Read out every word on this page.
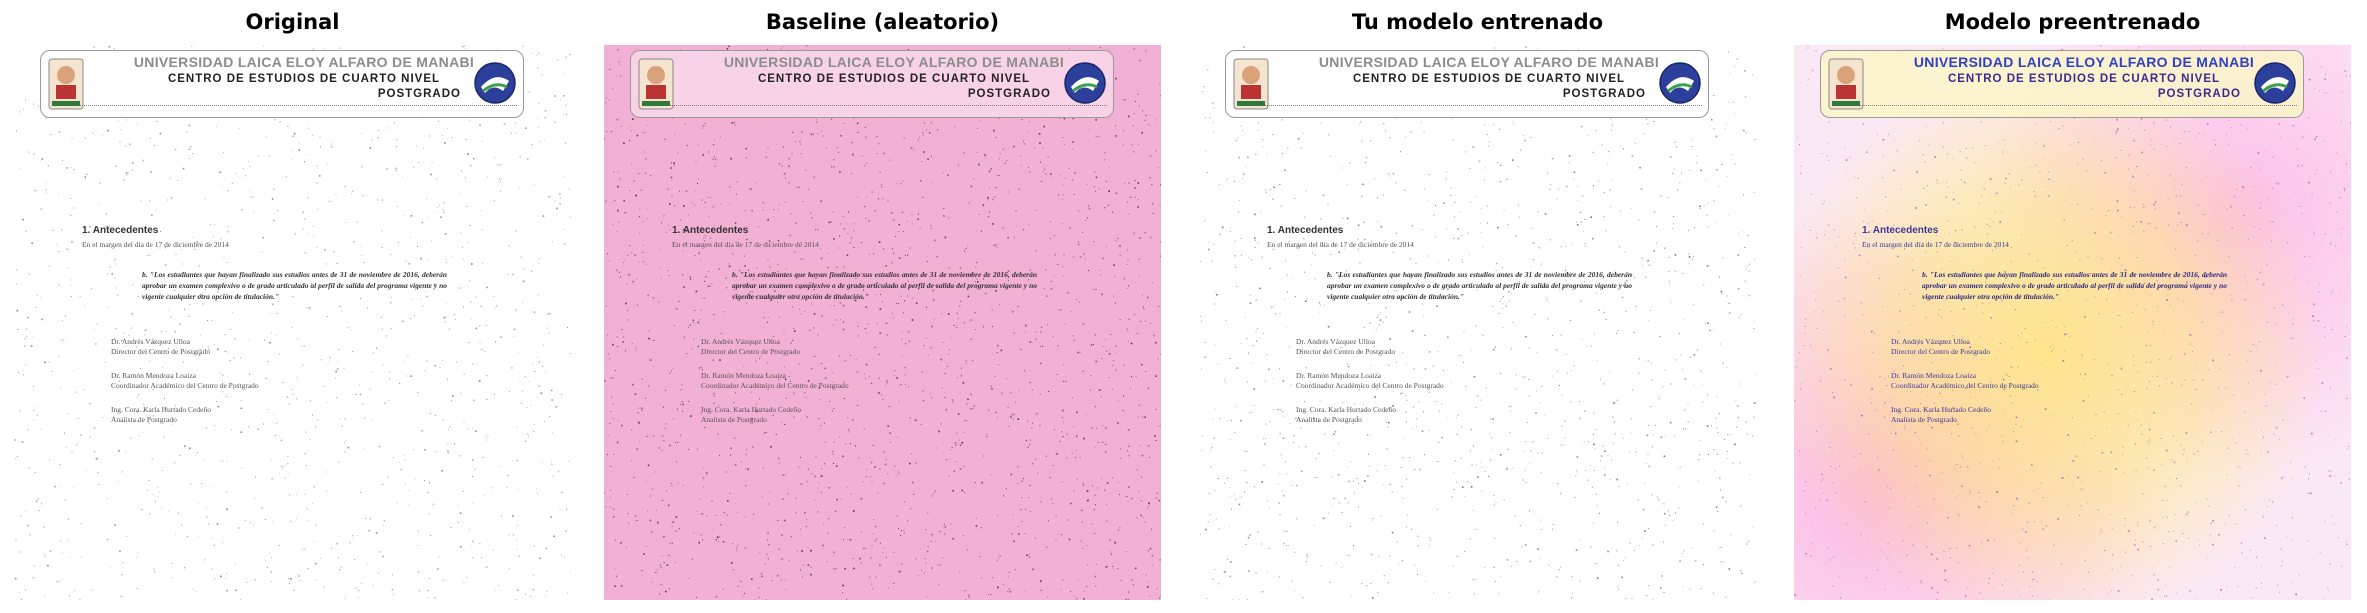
Original
UNIVERSIDAD LAICA ELOY ALFARO DE MANABI
CENTRO DE ESTUDIOS DE CUARTO NIVEL
POSTGRADO
1. Antecedentes
En el margen del día de 17 de diciembre de 2014
b. "Los estudiantes que hayan finalizado sus estudios antes de 31 de noviembre de 2016, deberán aprobar un examen complexivo o de grado articulado al perfil de salida del programa vigente y no vigente cualquier otra opción de titulación."
Dr. Andrés Vázquez Ulloa
Director del Centro de Postgrado
Dr. Ramón Mendoza Loaiza
Coordinador Académico del Centro de Postgrado
Ing. Cora. Karla Hurtado Cedeño
Analista de Postgrado
Baseline (aleatorio)
UNIVERSIDAD LAICA ELOY ALFARO DE MANABI
CENTRO DE ESTUDIOS DE CUARTO NIVEL
POSTGRADO
1. Antecedentes
En el margen del día de 17 de diciembre de 2014
b. "Los estudiantes que hayan finalizado sus estudios antes de 31 de noviembre de 2016, deberán aprobar un examen complexivo o de grado articulado al perfil de salida del programa vigente y no vigente cualquier otra opción de titulación."
Dr. Andrés Vázquez Ulloa
Director del Centro de Postgrado
Dr. Ramón Mendoza Loaiza
Coordinador Académico del Centro de Postgrado
Ing. Cora. Karla Hurtado Cedeño
Analista de Postgrado
Tu modelo entrenado
UNIVERSIDAD LAICA ELOY ALFARO DE MANABI
CENTRO DE ESTUDIOS DE CUARTO NIVEL
POSTGRADO
1. Antecedentes
En el margen del día de 17 de diciembre de 2014
b. "Los estudiantes que hayan finalizado sus estudios antes de 31 de noviembre de 2016, deberán aprobar un examen complexivo o de grado articulado al perfil de salida del programa vigente y no vigente cualquier otra opción de titulación."
Dr. Andrés Vázquez Ulloa
Director del Centro de Postgrado
Dr. Ramón Mendoza Loaiza
Coordinador Académico del Centro de Postgrado
Ing. Cora. Karla Hurtado Cedeño
Analista de Postgrado
Modelo preentrenado
UNIVERSIDAD LAICA ELOY ALFARO DE MANABI
CENTRO DE ESTUDIOS DE CUARTO NIVEL
POSTGRADO
1. Antecedentes
En el margen del día de 17 de diciembre de 2014
b. "Los estudiantes que hayan finalizado sus estudios antes de 31 de noviembre de 2016, deberán aprobar un examen complexivo o de grado articulado al perfil de salida del programa vigente y no vigente cualquier otra opción de titulación."
Dr. Andrés Vázquez Ulloa
Director del Centro de Postgrado
Dr. Ramón Mendoza Loaiza
Coordinador Académico del Centro de Postgrado
Ing. Cora. Karla Hurtado Cedeño
Analista de Postgrado
